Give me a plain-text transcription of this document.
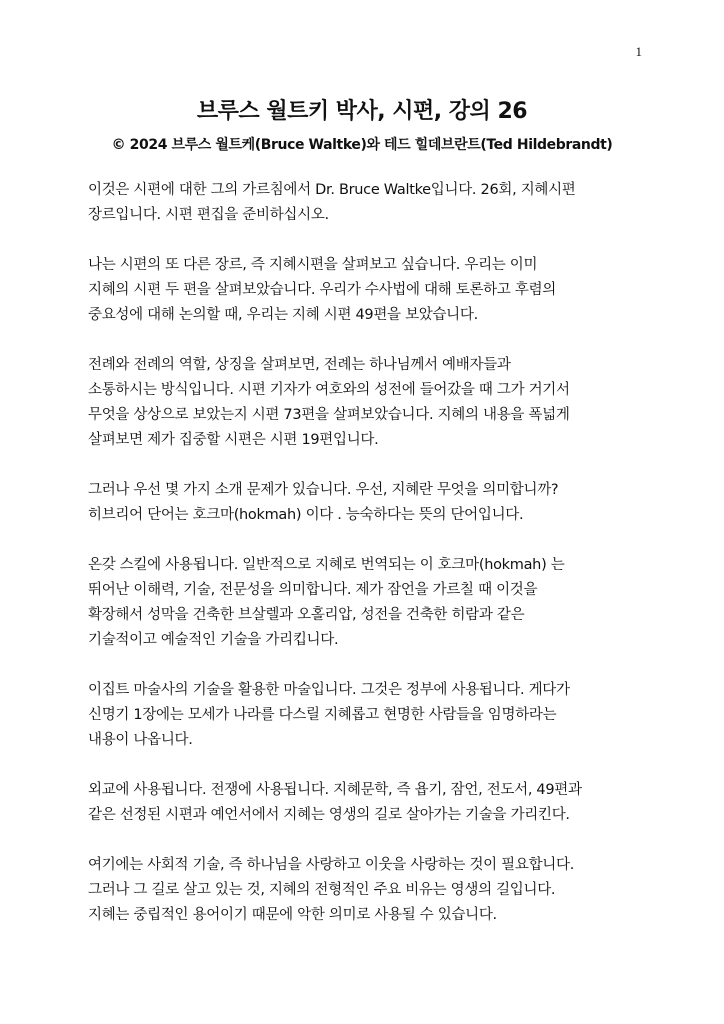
1
브루스 월트키 박사, 시편, 강의 26
© 2024 브루스 월트케(Bruce Waltke)와 테드 힐데브란트(Ted Hildebrandt)
이것은 시편에 대한 그의 가르침에서 Dr. Bruce Waltke입니다. 26회, 지혜시편
장르입니다. 시편 편집을 준비하십시오.
나는 시편의 또 다른 장르, 즉 지혜시편을 살펴보고 싶습니다. 우리는 이미
지혜의 시편 두 편을 살펴보았습니다. 우리가 수사법에 대해 토론하고 후렴의
중요성에 대해 논의할 때, 우리는 지혜 시편 49편을 보았습니다.
전례와 전례의 역할, 상징을 살펴보면, 전례는 하나님께서 예배자들과
소통하시는 방식입니다. 시편 기자가 여호와의 성전에 들어갔을 때 그가 거기서
무엇을 상상으로 보았는지 시편 73편을 살펴보았습니다. 지혜의 내용을 폭넓게
살펴보면 제가 집중할 시편은 시편 19편입니다.
그러나 우선 몇 가지 소개 문제가 있습니다. 우선, 지혜란 무엇을 의미합니까?
히브리어 단어는 호크마(hokmah) 이다 . 능숙하다는 뜻의 단어입니다.
온갖 스킬에 사용됩니다. 일반적으로 지혜로 번역되는 이 호크마(hokmah) 는
뛰어난 이해력, 기술, 전문성을 의미합니다. 제가 잠언을 가르칠 때 이것을
확장해서 성막을 건축한 브살렐과 오홀리압, 성전을 건축한 히람과 같은
기술적이고 예술적인 기술을 가리킵니다.
이집트 마술사의 기술을 활용한 마술입니다. 그것은 정부에 사용됩니다. 게다가
신명기 1장에는 모세가 나라를 다스릴 지혜롭고 현명한 사람들을 임명하라는
내용이 나옵니다.
외교에 사용됩니다. 전쟁에 사용됩니다. 지혜문학, 즉 욥기, 잠언, 전도서, 49편과
같은 선정된 시편과 예언서에서 지혜는 영생의 길로 살아가는 기술을 가리킨다.
여기에는 사회적 기술, 즉 하나님을 사랑하고 이웃을 사랑하는 것이 필요합니다.
그러나 그 길로 살고 있는 것, 지혜의 전형적인 주요 비유는 영생의 길입니다.
지혜는 중립적인 용어이기 때문에 악한 의미로 사용될 수 있습니다.
